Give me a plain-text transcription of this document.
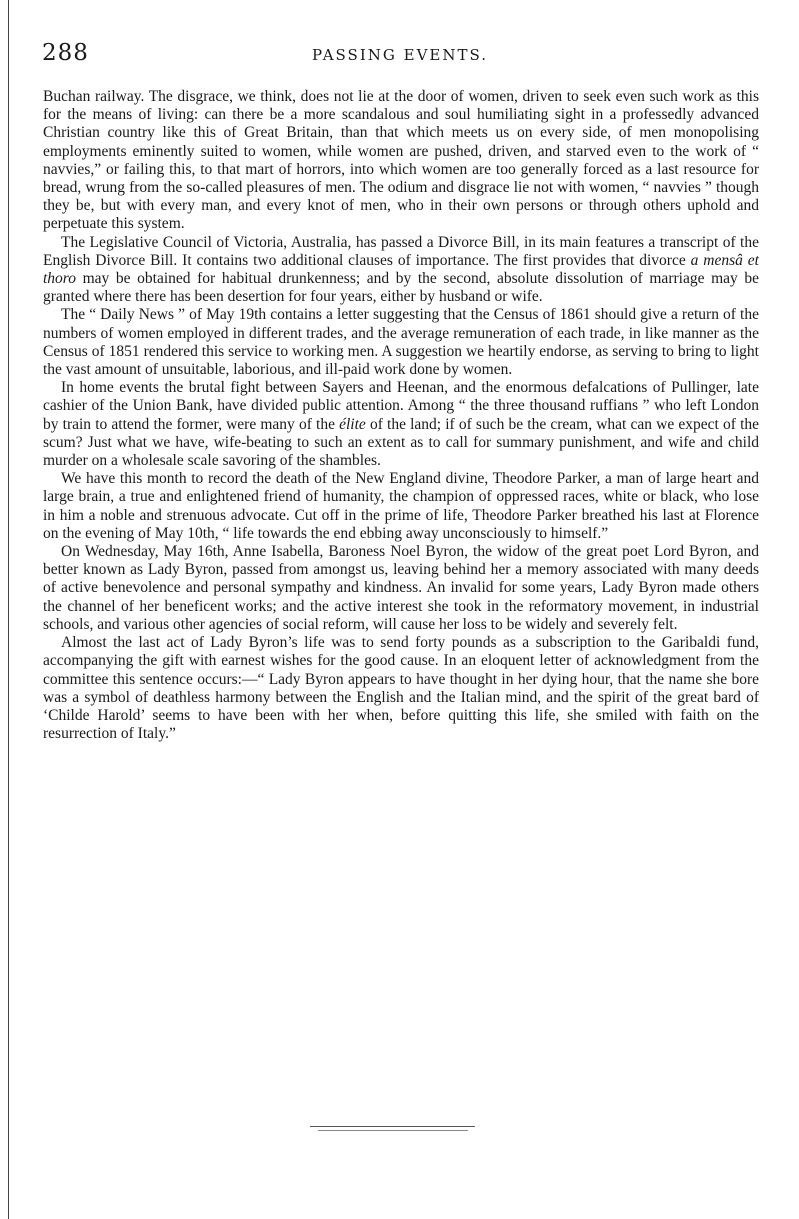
288	PASSING EVENTS.

Buchan railway. The disgrace, we think, does not lie at the door of women, driven to seek even such work as this for the means of living: can there be a more scandalous and soul humiliating sight in a professedly advanced Christian country like this of Great Britain, than that which meets us on every side, of men monopolising employments eminently suited to women, while women are pushed, driven, and starved even to the work of “ navvies,” or failing this, to that mart of horrors, into which women are too generally forced as a last resource for bread, wrung from the so-called pleasures of men. The odium and disgrace lie not with women, “ navvies ” though they be, but with every man, and every knot of men, who in their own persons or through others uphold and perpetuate this system.

The Legislative Council of Victoria, Australia, has passed a Divorce Bill, in its main features a transcript of the English Divorce Bill. It contains two additional clauses of importance. The first provides that divorce a mensâ et thoro may be obtained for habitual drunkenness; and by the second, absolute dissolution of marriage may be granted where there has been desertion for four years, either by husband or wife.

The “ Daily News ” of May 19th contains a letter suggesting that the Census of 1861 should give a return of the numbers of women employed in different trades, and the average remuneration of each trade, in like manner as the Census of 1851 rendered this service to working men. A suggestion we heartily endorse, as serving to bring to light the vast amount of unsuitable, laborious, and ill-paid work done by women.

In home events the brutal fight between Sayers and Heenan, and the enormous defalcations of Pullinger, late cashier of the Union Bank, have divided public attention. Among “ the three thousand ruffians ” who left London by train to attend the former, were many of the élite of the land; if of such be the cream, what can we expect of the scum? Just what we have, wife-beating to such an extent as to call for summary punishment, and wife and child murder on a wholesale scale savoring of the shambles.

We have this month to record the death of the New England divine, Theodore Parker, a man of large heart and large brain, a true and enlightened friend of humanity, the champion of oppressed races, white or black, who lose in him a noble and strenuous advocate. Cut off in the prime of life, Theodore Parker breathed his last at Florence on the evening of May 10th, “ life towards the end ebbing away unconsciously to himself.”

On Wednesday, May 16th, Anne Isabella, Baroness Noel Byron, the widow of the great poet Lord Byron, and better known as Lady Byron, passed from amongst us, leaving behind her a memory associated with many deeds of active benevolence and personal sympathy and kindness. An invalid for some years, Lady Byron made others the channel of her beneficent works; and the active interest she took in the reformatory movement, in industrial schools, and various other agencies of social reform, will cause her loss to be widely and severely felt.

Almost the last act of Lady Byron’s life was to send forty pounds as a subscription to the Garibaldi fund, accompanying the gift with earnest wishes for the good cause. In an eloquent letter of acknowledgment from the committee this sentence occurs:—“ Lady Byron appears to have thought in her dying hour, that the name she bore was a symbol of deathless harmony between the English and the Italian mind, and the spirit of the great bard of ‘Childe Harold’ seems to have been with her when, before quitting this life, she smiled with faith on the resurrection of Italy.”
